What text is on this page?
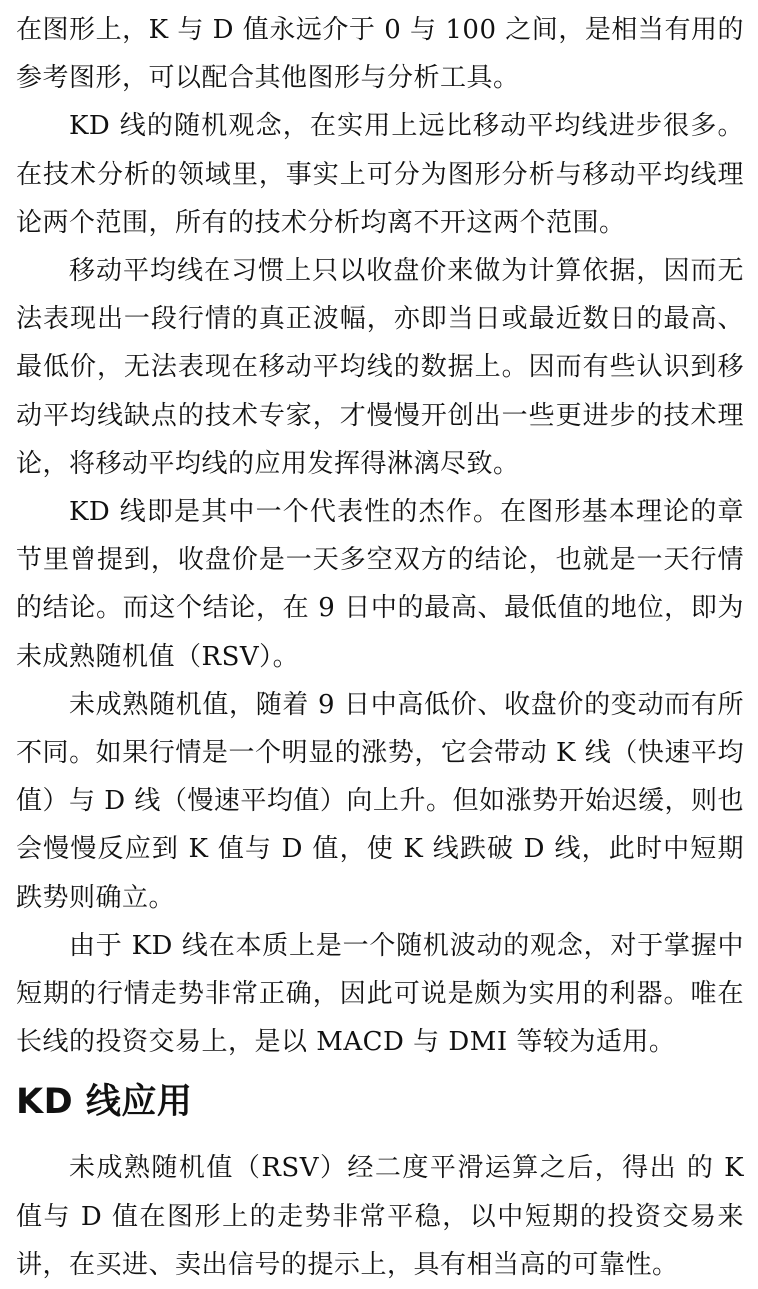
在图形上，K 与 D 值永远介于 0 与 100 之间，是相当有用的参考图形，可以配合其他图形与分析工具。

KD 线的随机观念，在实用上远比移动平均线进步很多。在技术分析的领域里，事实上可分为图形分析与移动平均线理论两个范围，所有的技术分析均离不开这两个范围。

移动平均线在习惯上只以收盘价来做为计算依据，因而无法表现出一段行情的真正波幅，亦即当日或最近数日的最高、最低价，无法表现在移动平均线的数据上。因而有些认识到移动平均线缺点的技术专家，才慢慢开创出一些更进步的技术理论，将移动平均线的应用发挥得淋漓尽致。

KD 线即是其中一个代表性的杰作。在图形基本理论的章节里曾提到，收盘价是一天多空双方的结论，也就是一天行情的结论。而这个结论，在 9 日中的最高、最低值的地位，即为未成熟随机值（RSV）。

未成熟随机值，随着 9 日中高低价、收盘价的变动而有所不同。如果行情是一个明显的涨势，它会带动 K 线（快速平均值）与 D 线（慢速平均值）向上升。但如涨势开始迟缓，则也会慢慢反应到 K 值与 D 值，使 K 线跌破 D 线，此时中短期跌势则确立。

由于 KD 线在本质上是一个随机波动的观念，对于掌握中短期的行情走势非常正确，因此可说是颇为实用的利器。唯在长线的投资交易上，是以 MACD 与 DMI 等较为适用。

KD 线应用

未成熟随机值（RSV）经二度平滑运算之后，得出 的 K 值与 D 值在图形上的走势非常平稳，以中短期的投资交易来讲，在买进、卖出信号的提示上，具有相当高的可靠性。
